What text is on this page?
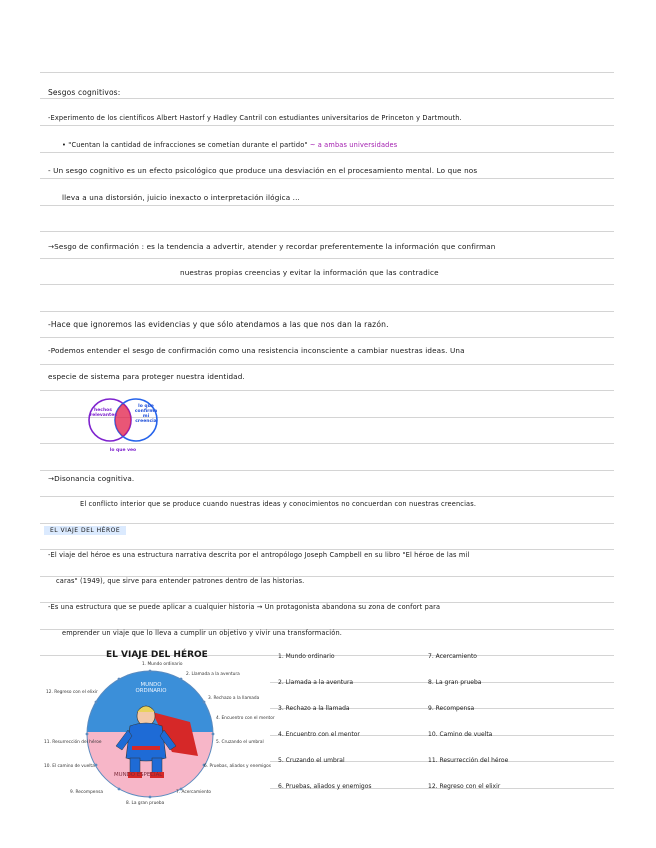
Sesgos cognitivos:
-Experimento de los científicos Albert Hastorf y Hadley Cantril con estudiantes universitarios de Princeton y Dartmouth.
• "Cuentan la cantidad de infracciones se cometían durante el partido" ~ a ambas universidades
- Un sesgo cognitivo es un efecto psicológico que produce una desviación en el procesamiento mental. Lo que nos
lleva a una distorsión, juicio inexacto o interpretación ilógica ...
→Sesgo de confirmación : es la tendencia a advertir, atender y recordar preferentemente la información que confirman
nuestras propias creencias y evitar la información que las contradice
-Hace que ignoremos las evidencias y que sólo atendamos a las que nos dan la razón.
-Podemos entender el sesgo de confirmación como una resistencia inconsciente a cambiar nuestras ideas. Una
especie de sistema para proteger nuestra identidad.
hechos relevantes
lo que confirma mi creencia
lo que veo
→Disonancia cognitiva.
El conflicto interior que se produce cuando nuestras ideas y conocimientos no concuerdan con nuestras creencias.
EL VIAJE DEL HÉROE
-El viaje del héroe es una estructura narrativa descrita por el antropólogo Joseph Campbell en su libro "El héroe de las mil
caras" (1949), que sirve para entender patrones dentro de las historias.
-Es una estructura que se puede aplicar a cualquier historia → Un protagonista abandona su zona de confort para
emprender un viaje que lo lleva a cumplir un objetivo y vivir una transformación.
EL VIAJE DEL HÉROE
MUNDO ORDINARIO
MUNDO ESPECIAL
1. Mundo ordinario
2. Llamada a la aventura
3. Rechazo a la llamada
4. Encuentro con el mentor
5. Cruzando el umbral
6. Pruebas, aliados y enemigos
7. Acercamiento
8. La gran prueba
9. Recompensa
10. El camino de vuelta
11. Resurrección del héroe
12. Regreso con el elixir
1. Mundo ordinario
2. Llamada a la aventura
3. Rechazo a la llamada
4. Encuentro con el mentor
5. Cruzando el umbral
6. Pruebas, aliados y enemigos
7. Acercamiento
8. La gran prueba
9. Recompensa
10. Camino de vuelta
11. Resurrección del héroe
12. Regreso con el elixir
